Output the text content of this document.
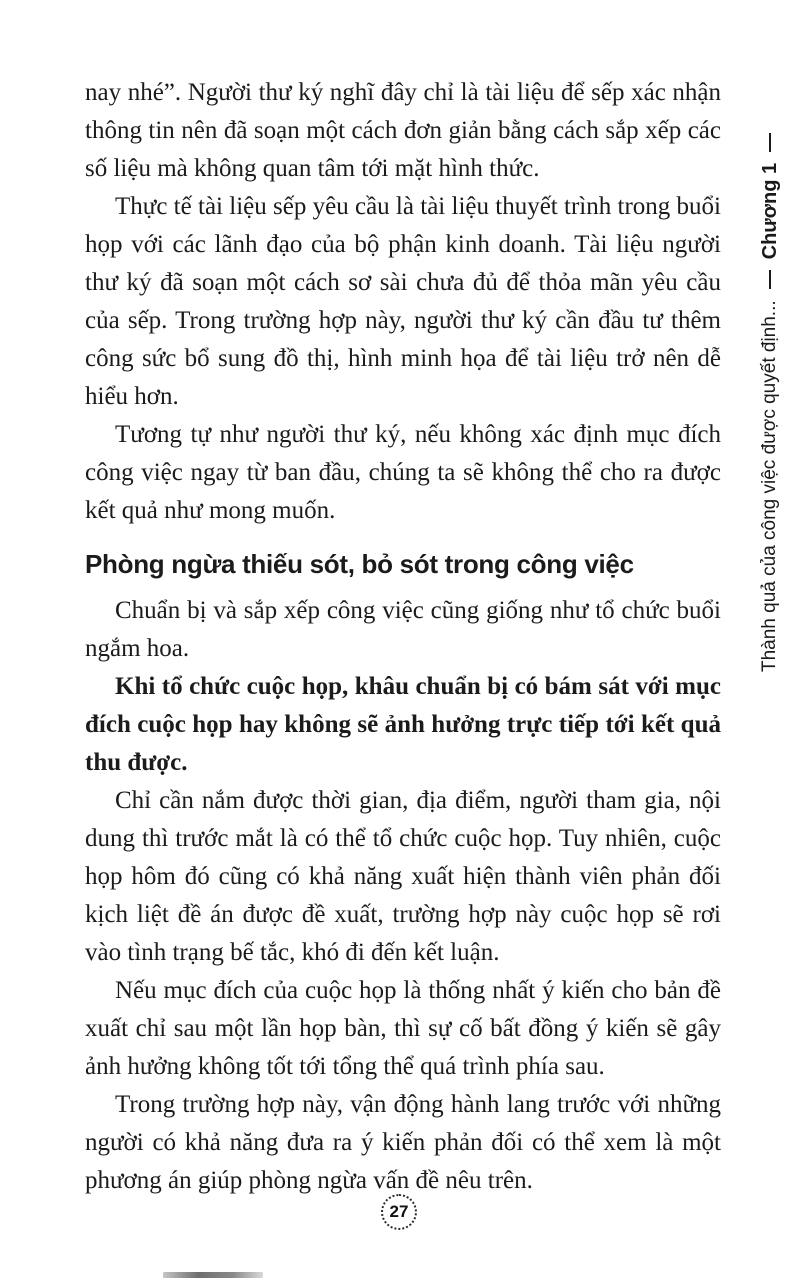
nay nhé”. Người thư ký nghĩ đây chỉ là tài liệu để sếp xác nhận thông tin nên đã soạn một cách đơn giản bằng cách sắp xếp các số liệu mà không quan tâm tới mặt hình thức.

Thực tế tài liệu sếp yêu cầu là tài liệu thuyết trình trong buổi họp với các lãnh đạo của bộ phận kinh doanh. Tài liệu người thư ký đã soạn một cách sơ sài chưa đủ để thỏa mãn yêu cầu của sếp. Trong trường hợp này, người thư ký cần đầu tư thêm công sức bổ sung đồ thị, hình minh họa để tài liệu trở nên dễ hiểu hơn.

Tương tự như người thư ký, nếu không xác định mục đích công việc ngay từ ban đầu, chúng ta sẽ không thể cho ra được kết quả như mong muốn.

Phòng ngừa thiếu sót, bỏ sót trong công việc

Chuẩn bị và sắp xếp công việc cũng giống như tổ chức buổi ngắm hoa.

Khi tổ chức cuộc họp, khâu chuẩn bị có bám sát với mục đích cuộc họp hay không sẽ ảnh hưởng trực tiếp tới kết quả thu được.

Chỉ cần nắm được thời gian, địa điểm, người tham gia, nội dung thì trước mắt là có thể tổ chức cuộc họp. Tuy nhiên, cuộc họp hôm đó cũng có khả năng xuất hiện thành viên phản đối kịch liệt đề án được đề xuất, trường hợp này cuộc họp sẽ rơi vào tình trạng bế tắc, khó đi đến kết luận.

Nếu mục đích của cuộc họp là thống nhất ý kiến cho bản đề xuất chỉ sau một lần họp bàn, thì sự cố bất đồng ý kiến sẽ gây ảnh hưởng không tốt tới tổng thể quá trình phía sau.

Trong trường hợp này, vận động hành lang trước với những người có khả năng đưa ra ý kiến phản đối có thể xem là một phương án giúp phòng ngừa vấn đề nêu trên.

Thành quả của công việc được quyết định...
Chương 1
27
